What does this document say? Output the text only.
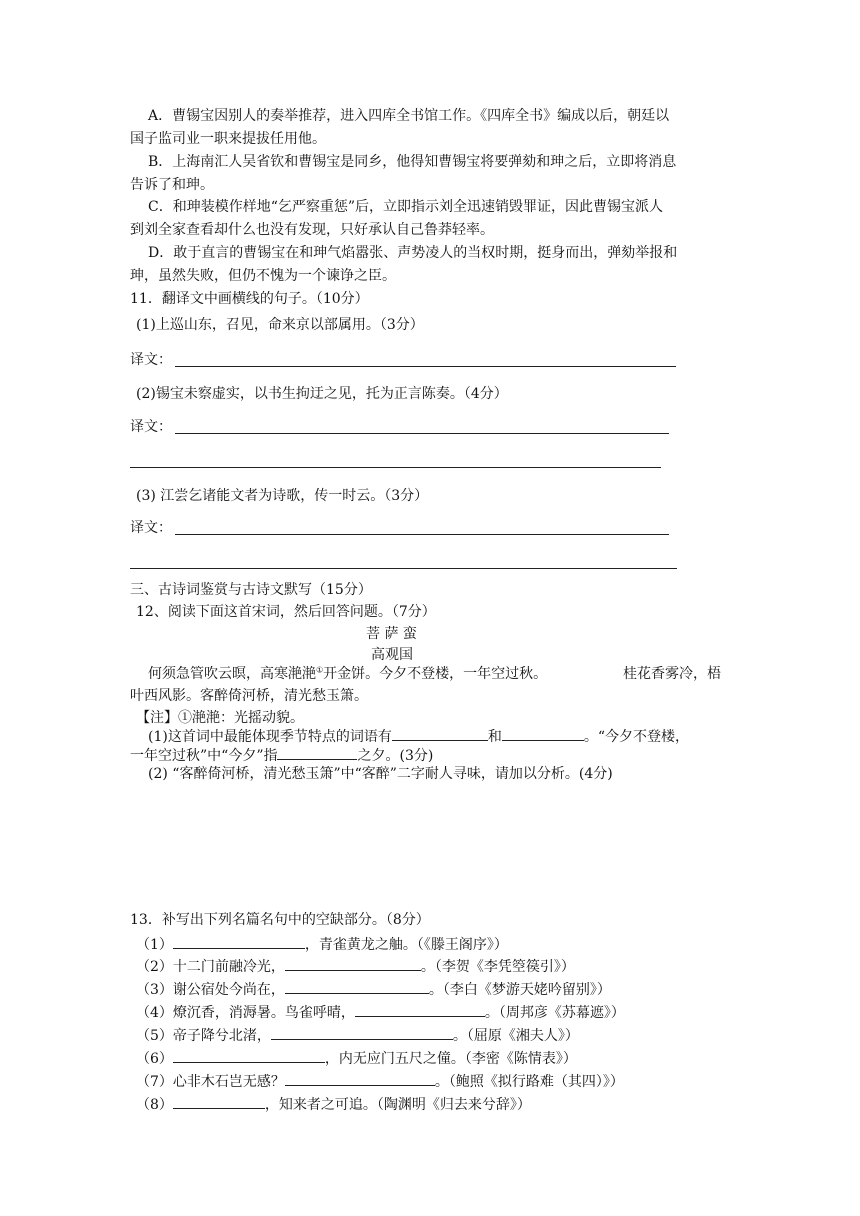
A．曹锡宝因别人的奏举推荐，进入四库全书馆工作。《四库全书》编成以后，朝廷以
国子监司业一职来提拔任用他。
B．上海南汇人吴省钦和曹锡宝是同乡，他得知曹锡宝将要弹劾和珅之后，立即将消息
告诉了和珅。
C．和珅装模作样地“乞严察重惩”后，立即指示刘全迅速销毁罪证，因此曹锡宝派人
到刘全家查看却什么也没有发现，只好承认自己鲁莽轻率。
D．敢于直言的曹锡宝在和珅气焰嚣张、声势凌人的当权时期，挺身而出，弹劾举报和
珅，虽然失败，但仍不愧为一个谏诤之臣。
11．翻译文中画横线的句子。（10分）
(1)上巡山东，召见，命来京以部属用。（3分）
译文：
(2)锡宝未察虚实，以书生拘迂之见，托为正言陈奏。（4分）
译文：
(3) 江尝乞诸能文者为诗歌，传一时云。（3分）
译文：
三、古诗词鉴赏与古诗文默写（15分）
12、阅读下面这首宋词，然后回答问题。（7分）
菩 萨 蛮
高观国
何须急管吹云暝，高寒滟滟①开金饼。今夕不登楼，一年空过秋。	桂花香雾冷，梧
叶西风影。客醉倚河桥，清光愁玉箫。
【注】①滟滟：光摇动貌。
(1)这首词中最能体现季节特点的词语有	和	。“今夕不登楼，
一年空过秋”中“今夕”指	之夕。(3分)
(2) “客醉倚河桥，清光愁玉箫”中“客醉”二字耐人寻味，请加以分析。(4分)
13．补写出下列名篇名句中的空缺部分。（8分）
（1）	，青雀黄龙之舳。（《滕王阁序》）
（2）十二门前融冷光，	。（李贺《李凭箜篌引》）
（3）谢公宿处今尚在，	。（李白《梦游天姥吟留别》）
（4）燎沉香，消溽暑。鸟雀呼晴，	。（周邦彦《苏幕遮》）
（5）帝子降兮北渚，	。（屈原《湘夫人》）
（6）	，内无应门五尺之僮。（李密《陈情表》）
（7）心非木石岂无感？	。（鲍照《拟行路难（其四）》）
（8）	，知来者之可追。（陶渊明《归去来兮辞》）
